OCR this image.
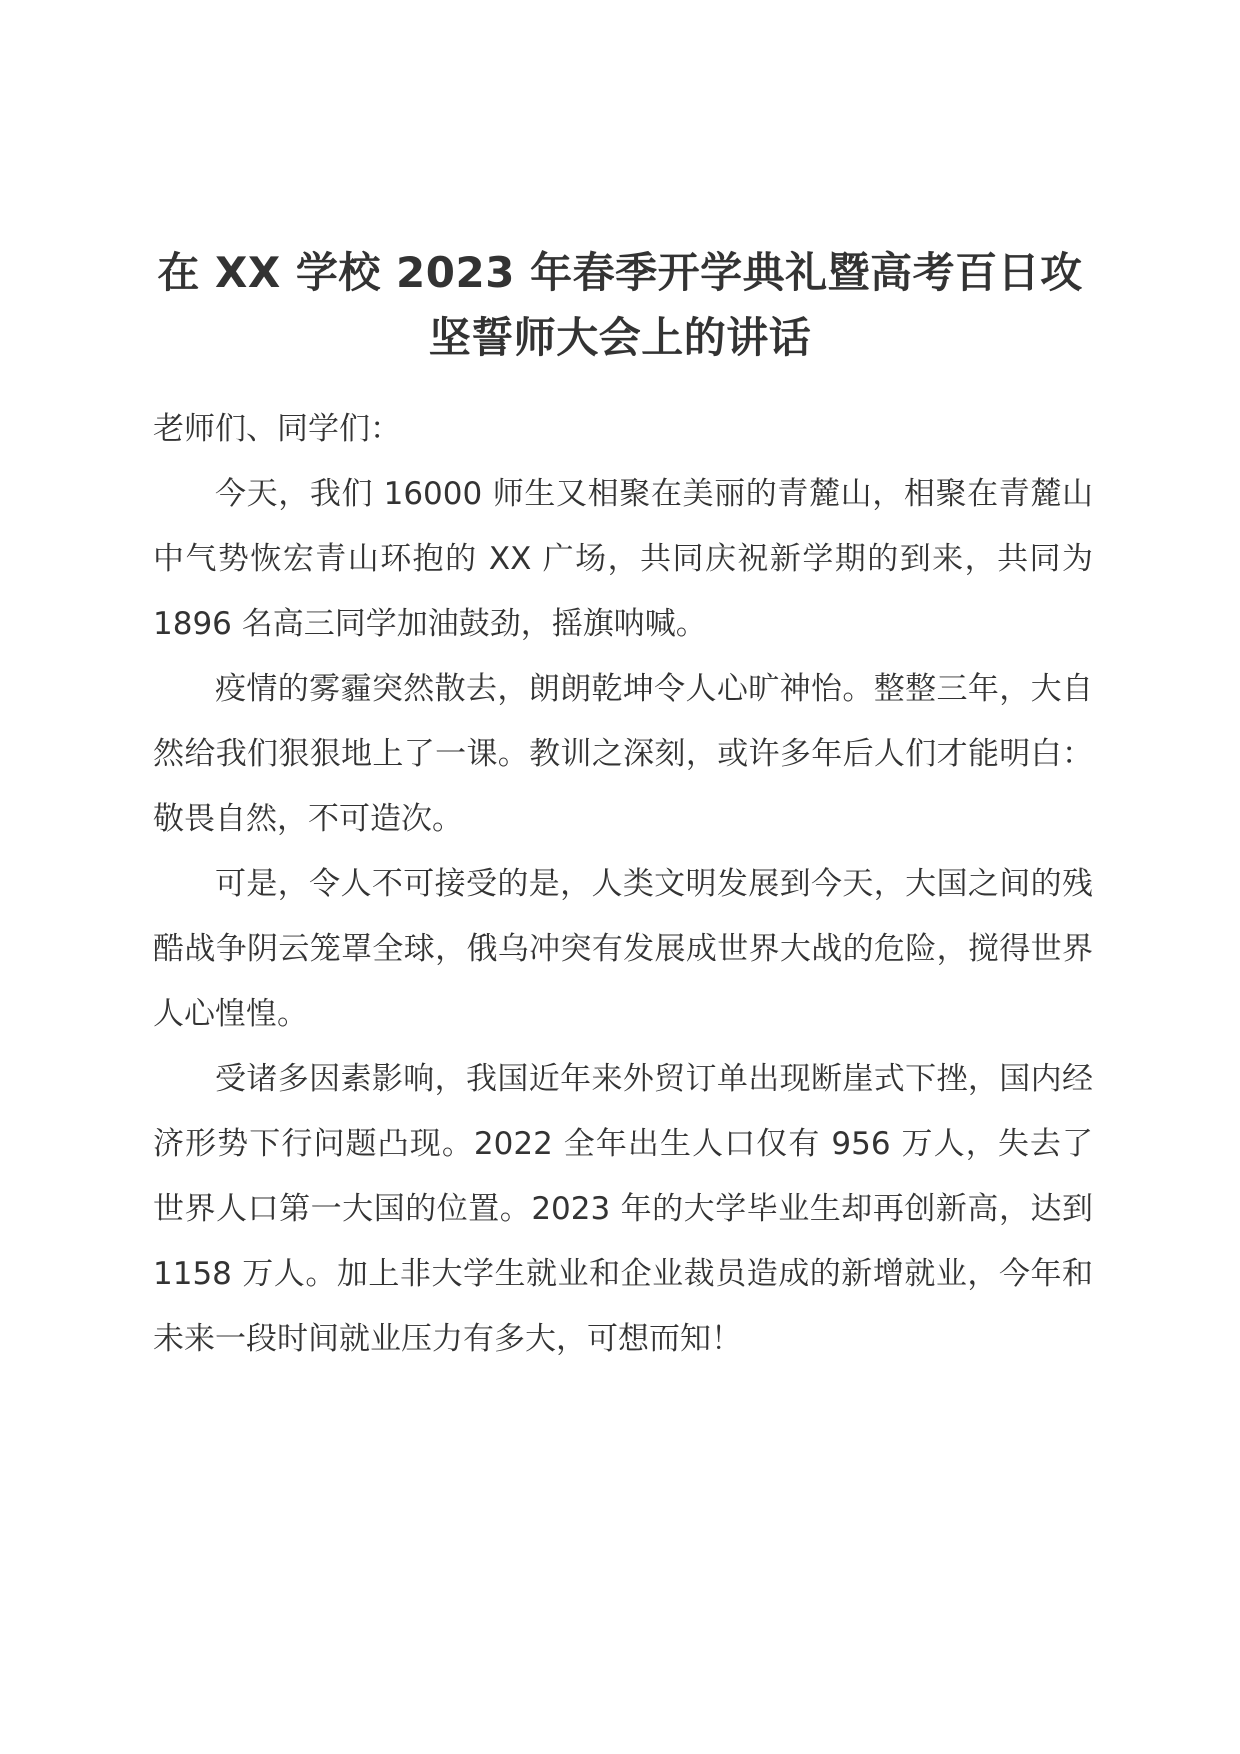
在 XX 学校 2023 年春季开学典礼暨高考百日攻坚誓师大会上的讲话

老师们、同学们：

今天，我们 16000 师生又相聚在美丽的青麓山，相聚在青麓山中气势恢宏青山环抱的 XX 广场，共同庆祝新学期的到来，共同为 1896 名高三同学加油鼓劲，摇旗呐喊。

疫情的雾霾突然散去，朗朗乾坤令人心旷神怡。整整三年，大自然给我们狠狠地上了一课。教训之深刻，或许多年后人们才能明白：敬畏自然，不可造次。

可是，令人不可接受的是，人类文明发展到今天，大国之间的残酷战争阴云笼罩全球，俄乌冲突有发展成世界大战的危险，搅得世界人心惶惶。

受诸多因素影响，我国近年来外贸订单出现断崖式下挫，国内经济形势下行问题凸现。2022 全年出生人口仅有 956 万人，失去了世界人口第一大国的位置。2023 年的大学毕业生却再创新高，达到 1158 万人。加上非大学生就业和企业裁员造成的新增就业，今年和未来一段时间就业压力有多大，可想而知！
